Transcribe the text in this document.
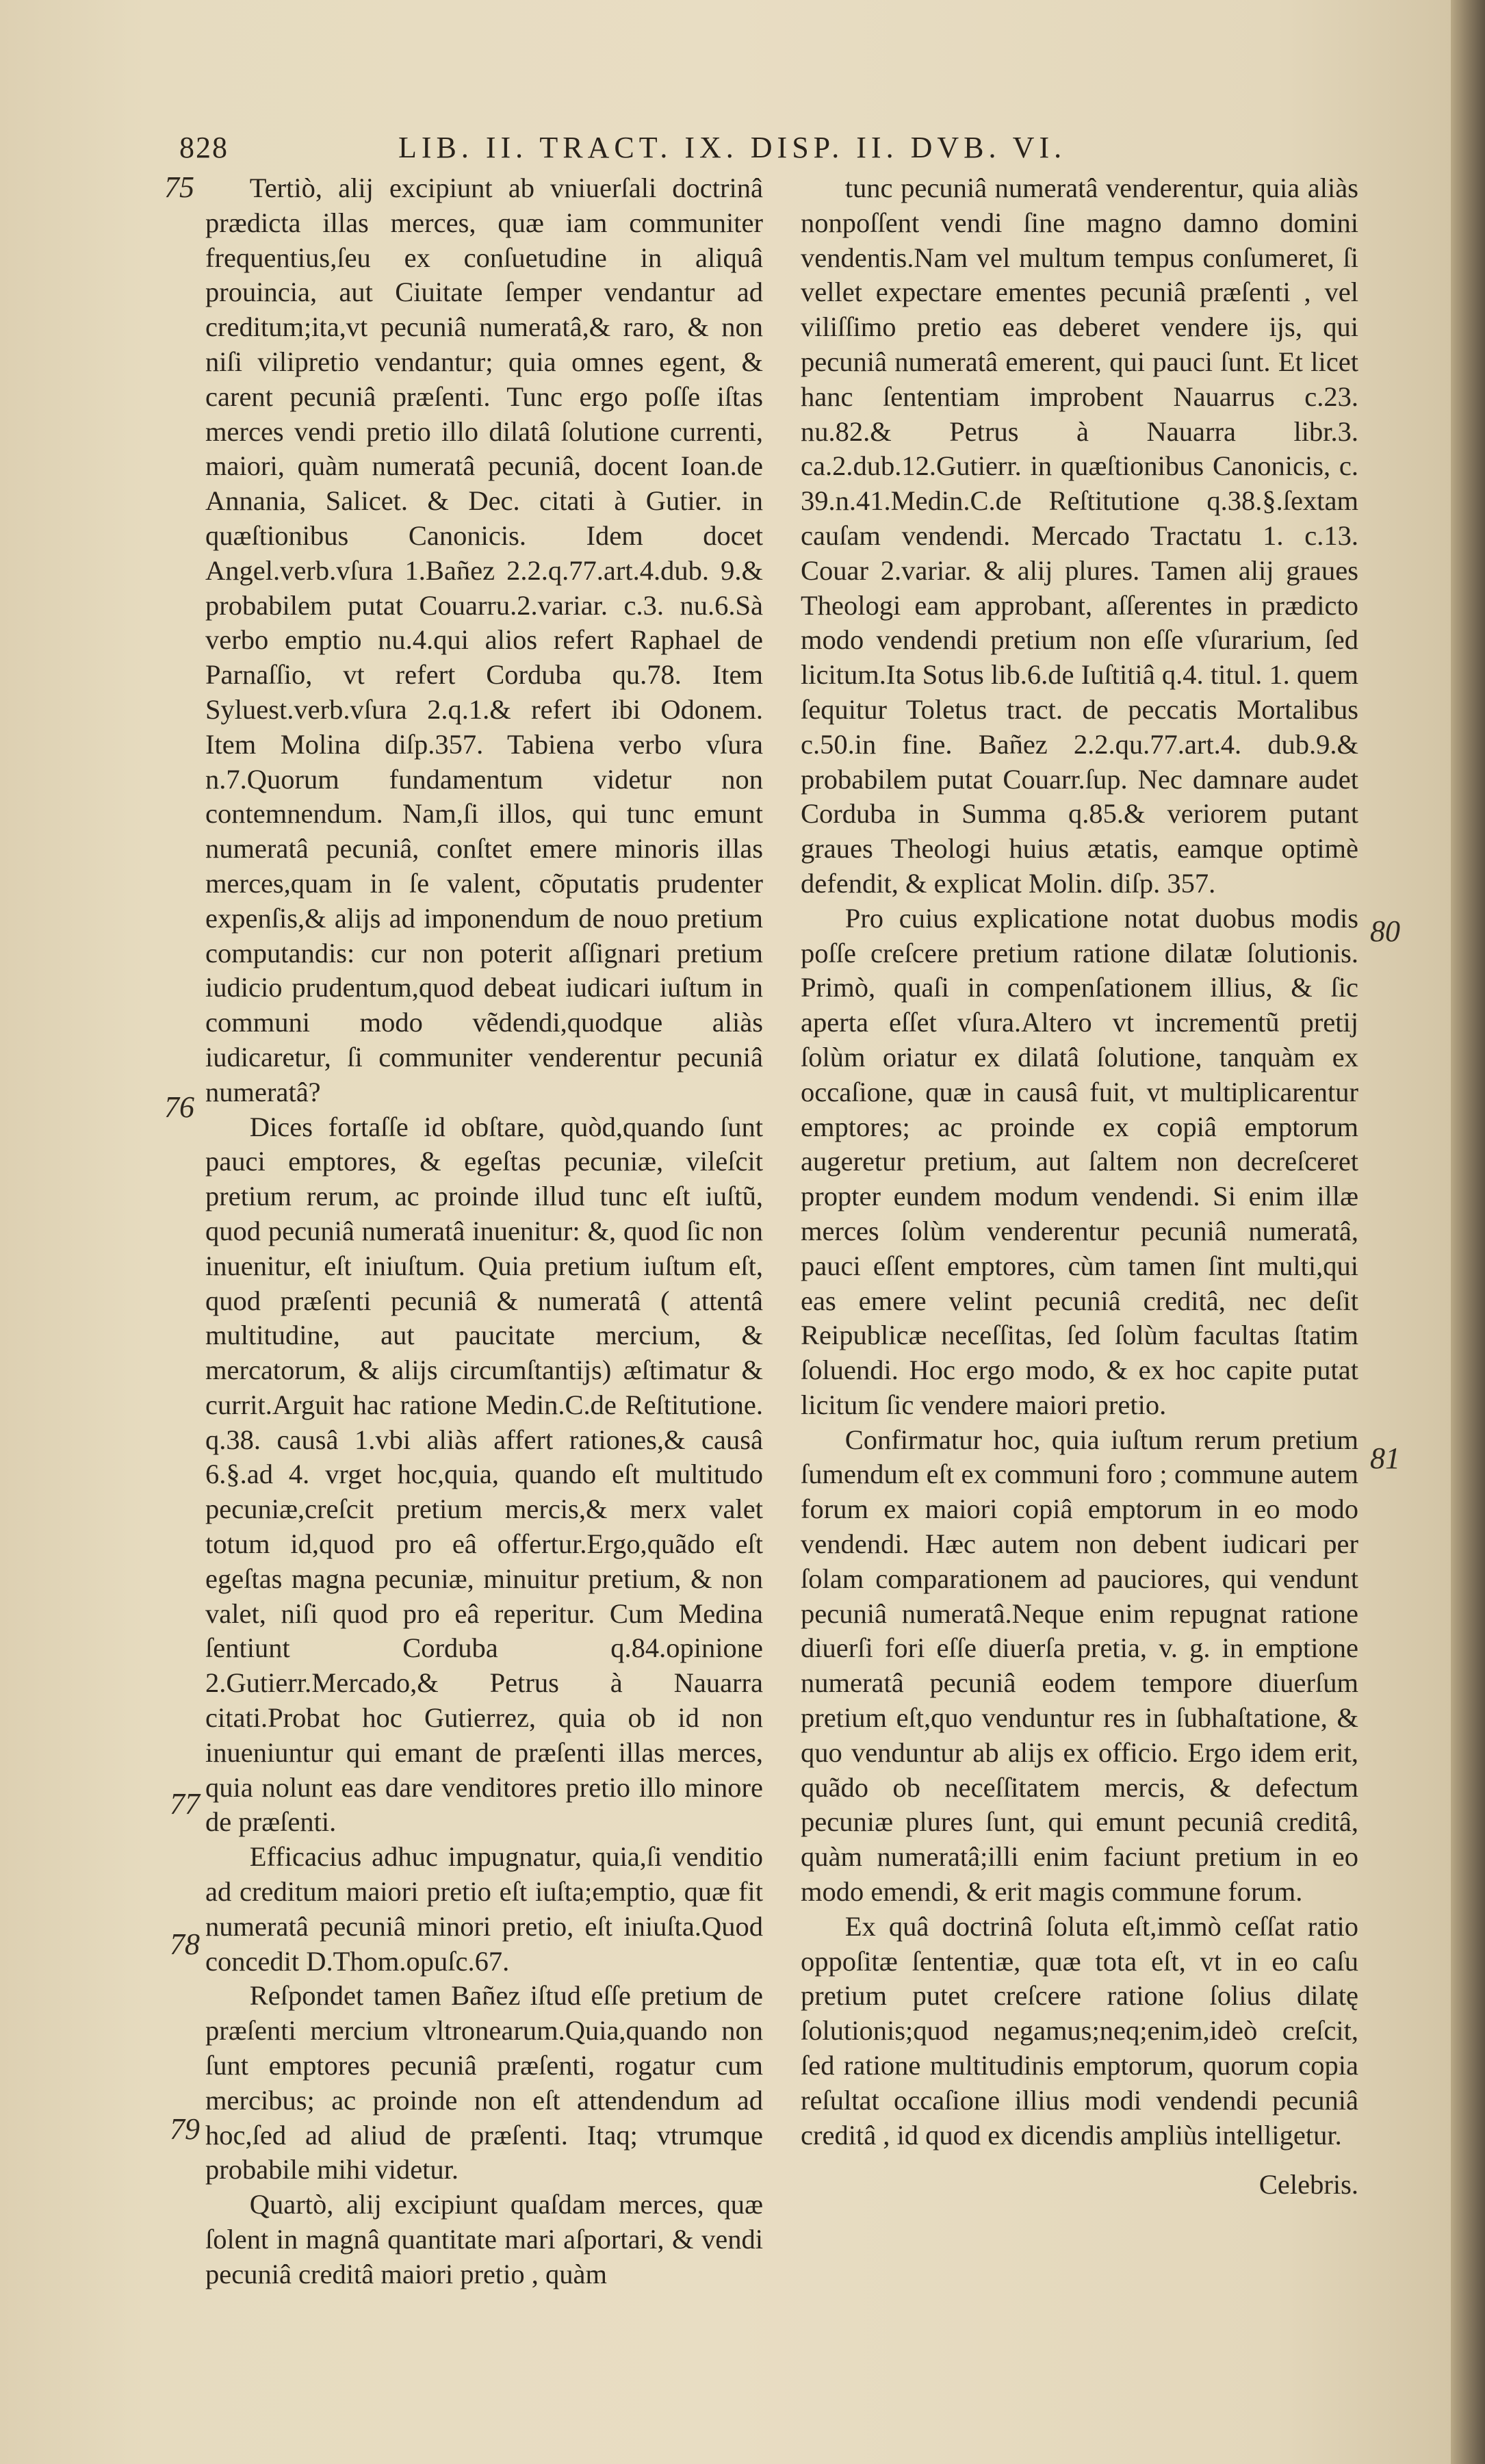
828	LIB. II. TRACT. IX. DISP. II. DVB. VI.

Tertiò, alij excipiunt ab vniuerſali doctrinâ prædicta illas merces, quæ iam communiter frequentius,ſeu ex conſuetudine in aliquâ prouincia, aut Ciuitate ſemper vendantur ad creditum;ita,vt pecuniâ numeratâ,& raro, & non niſi vilipretio vendantur; quia omnes egent, & carent pecuniâ præſenti. Tunc ergo poſſe iſtas merces vendi pretio illo dilatâ ſolutione currenti, maiori, quàm numeratâ pecuniâ, docent Ioan.de Annania, Salicet. & Dec. citati à Gutier. in quæſtionibus Canonicis. Idem docet Angel.verb.vſura 1.Bañez 2.2.q.77.art.4.dub. 9.& probabilem putat Couarru.2.variar. c.3. nu.6.Sà verbo emptio nu.4.qui alios refert Raphael de Parnaſſio, vt refert Corduba qu.78. Item Syluest.verb.vſura 2.q.1.& refert ibi Odonem. Item Molina diſp.357. Tabiena verbo vſura n.7.Quorum fundamentum videtur non contemnendum. Nam,ſi illos, qui tunc emunt numeratâ pecuniâ, conſtet emere minoris illas merces,quam in ſe valent, cõputatis prudenter expenſis,& alijs ad imponendum de nouo pretium computandis: cur non poterit aſſignari pretium iudicio prudentum,quod debeat iudicari iuſtum in communi modo vẽdendi,quodque aliàs iudicaretur, ſi communiter venderentur pecuniâ numeratâ?

Dices fortaſſe id obſtare, quòd,quando ſunt pauci emptores, & egeſtas pecuniæ, vileſcit pretium rerum, ac proinde illud tunc eſt iuſtũ, quod pecuniâ numeratâ inuenitur: &, quod ſic non inuenitur, eſt iniuſtum. Quia pretium iuſtum eſt, quod præſenti pecuniâ & numeratâ ( attentâ multitudine, aut paucitate mercium, & mercatorum, & alijs circumſtantijs) æſtimatur & currit.Arguit hac ratione Medin.C.de Reſtitutione. q.38. causâ 1.vbi aliàs affert rationes,& causâ 6.§.ad 4. vrget hoc,quia, quando eſt multitudo pecuniæ,creſcit pretium mercis,& merx valet totum id,quod pro eâ offertur.Ergo,quãdo eſt egeſtas magna pecuniæ, minuitur pretium, & non valet, niſi quod pro eâ reperitur. Cum Medina ſentiunt Corduba q.84.opinione 2.Gutierr.Mercado,& Petrus à Nauarra citati.Probat hoc Gutierrez, quia ob id non inueniuntur qui emant de præſenti illas merces, quia nolunt eas dare venditores pretio illo minore de præſenti.

Efficacius adhuc impugnatur, quia,ſi venditio ad creditum maiori pretio eſt iuſta;emptio, quæ fit numeratâ pecuniâ minori pretio, eſt iniuſta.Quod concedit D.Thom.opuſc.67.

Reſpondet tamen Bañez iſtud eſſe pretium de præſenti mercium vltronearum.Quia,quando non ſunt emptores pecuniâ præſenti, rogatur cum mercibus; ac proinde non eſt attendendum ad hoc,ſed ad aliud de præſenti. Itaq; vtrumque probabile mihi videtur.

Quartò, alij excipiunt quaſdam merces, quæ ſolent in magnâ quantitate mari aſportari, & vendi pecuniâ creditâ maiori pretio , quàm

tunc pecuniâ numeratâ venderentur, quia aliàs nonpoſſent vendi ſine magno damno domini vendentis.Nam vel multum tempus conſumeret, ſi vellet expectare ementes pecuniâ præſenti , vel viliſſimo pretio eas deberet vendere ijs, qui pecuniâ numeratâ emerent, qui pauci ſunt. Et licet hanc ſententiam improbent Nauarrus c.23. nu.82.& Petrus à Nauarra libr.3. ca.2.dub.12.Gutierr. in quæſtionibus Canonicis, c. 39.n.41.Medin.C.de Reſtitutione q.38.§.ſextam cauſam vendendi. Mercado Tractatu 1. c.13. Couar 2.variar. & alij plures. Tamen alij graues Theologi eam approbant, aſſerentes in prædicto modo vendendi pretium non eſſe vſurarium, ſed licitum.Ita Sotus lib.6.de Iuſtitiâ q.4. titul. 1. quem ſequitur Toletus tract. de peccatis Mortalibus c.50.in fine. Bañez 2.2.qu.77.art.4. dub.9.& probabilem putat Couarr.ſup. Nec damnare audet Corduba in Summa q.85.& veriorem putant graues Theologi huius ætatis, eamque optimè defendit, & explicat Molin. diſp. 357.

Pro cuius explicatione notat duobus modis poſſe creſcere pretium ratione dilatæ ſolutionis. Primò, quaſi in compenſationem illius, & ſic aperta eſſet vſura.Altero vt incrementũ pretij ſolùm oriatur ex dilatâ ſolutione, tanquàm ex occaſione, quæ in causâ fuit, vt multiplicarentur emptores; ac proinde ex copiâ emptorum augeretur pretium, aut ſaltem non decreſceret propter eundem modum vendendi. Si enim illæ merces ſolùm venderentur pecuniâ numeratâ, pauci eſſent emptores, cùm tamen ſint multi,qui eas emere velint pecuniâ creditâ, nec deſit Reipublicæ neceſſitas, ſed ſolùm facultas ſtatim ſoluendi. Hoc ergo modo, & ex hoc capite putat licitum ſic vendere maiori pretio.

Confirmatur hoc, quia iuſtum rerum pretium ſumendum eſt ex communi foro ; commune autem forum ex maiori copiâ emptorum in eo modo vendendi. Hæc autem non debent iudicari per ſolam comparationem ad pauciores, qui vendunt pecuniâ numeratâ.Neque enim repugnat ratione diuerſi fori eſſe diuerſa pretia, v. g. in emptione numeratâ pecuniâ eodem tempore diuerſum pretium eſt,quo venduntur res in ſubhaſtatione, & quo venduntur ab alijs ex officio. Ergo idem erit, quãdo ob neceſſitatem mercis, & defectum pecuniæ plures ſunt, qui emunt pecuniâ creditâ, quàm numeratâ;illi enim faciunt pretium in eo modo emendi, & erit magis commune forum.

Ex quâ doctrinâ ſoluta eſt,immò ceſſat ratio oppoſitæ ſententiæ, quæ tota eſt, vt in eo caſu pretium putet creſcere ratione ſolius dilatę ſolutionis;quod negamus;neq;enim,ideò creſcit, ſed ratione multitudinis emptorum, quorum copia reſultat occaſione illius modi vendendi pecuniâ creditâ , id quod ex dicendis ampliùs intelligetur.

Celebris.

75
76
77
78
79
80
81
